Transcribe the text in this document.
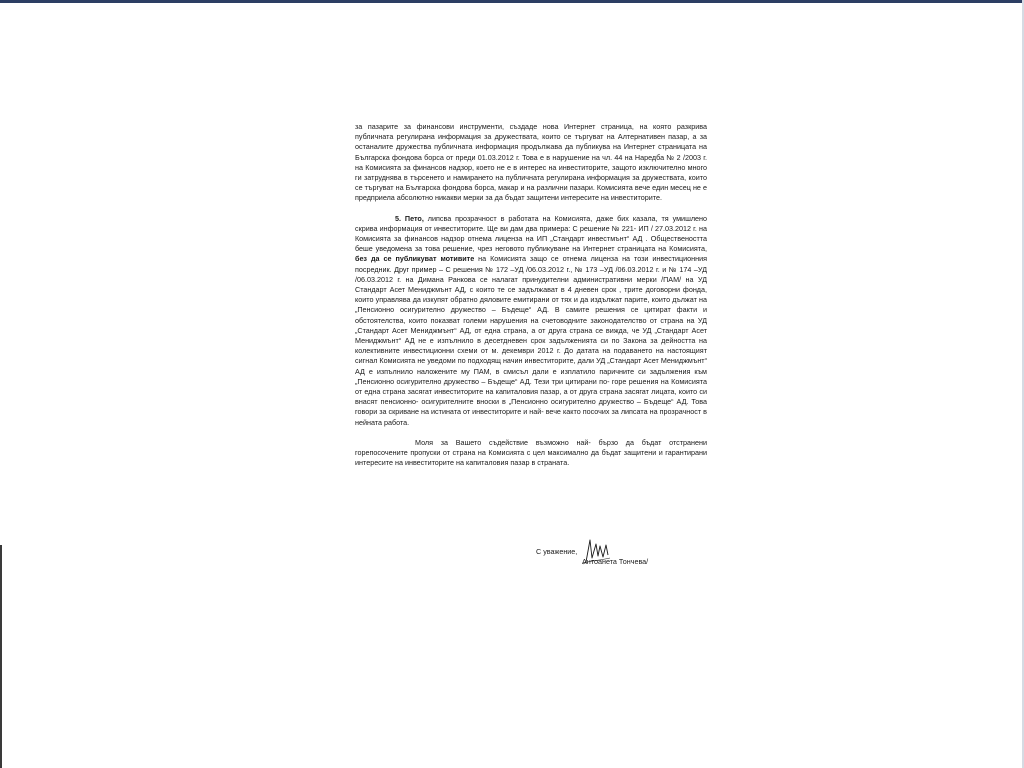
за пазарите за финансови инструменти, създаде нова Интернет страница, на която разкрива публичната регулирана информация за дружествата, които се търгуват на Алтернативен пазар, а за останалите дружества публичната информация продължава да публикува на Интернет страницата на Българска фондова борса от преди 01.03.2012 г. Това е в нарушение на чл. 44 на Наредба № 2 /2003 г. на Комисията за финансов надзор, което не е в интерес на инвеститорите, защото изключително много ги затруднява в търсенето и намирането на публичната регулирана информация за дружествата, които се търгуват на Българска фондова борса, макар и на различни пазари. Комисията вече един месец не е предприела абсолютно никакви мерки за да бъдат защитени интересите на инвеститорите.

5. Пето, липсва прозрачност в работата на Комисията, даже бих казала, тя умишлено скрива информация от инвеститорите. Ще ви дам два примера: С решение № 221- ИП / 27.03.2012 г. на Комисията за финансов надзор отнема лиценза на ИП „Стандарт инвестмънт“ АД . Обществеността беше уведомена за това решение, чрез неговото публикуване на Интернет страницата на Комисията, без да се публикуват мотивите на Комисията защо се отнема лиценза на този инвестиционния посредник. Друг пример – С решения № 172 –УД /06.03.2012 г., № 173 –УД /06.03.2012 г. и № 174 –УД /06.03.2012 г. на Димана Ранкова се налагат принудителни административни мерки /ПАМ/ на УД Стандарт Асет Мениджмънт АД, с които те се задължават в 4 дневен срок , трите договорни фонда, които управлява да изкупят обратно дяловите емитирани от тях и да издължат парите, които дължат на „Пенсионно осигурително дружество – Бъдеще“ АД. В самите решения се цитират факти и обстоятелства, които показват големи нарушения на счетоводните законодателство от страна на УД „Стандарт Асет Мениджмънт“ АД, от една страна, а от друга страна се вижда, че УД „Стандарт Асет Мениджмънт“ АД не е изпълнило в десетдневен срок задълженията си по Закона за дейността на колективните инвестиционни схеми от м. декември 2012 г. До датата на подаването на настоящият сигнал Комисията не уведоми по подходящ начин инвеститорите, дали УД „Стандарт Асет Мениджмънт“ АД е изпълнило наложените му ПАМ, в смисъл дали е изплатило паричните си задължения към „Пенсионно осигурително дружество – Бъдеще“ АД. Тези три цитирани по- горе решения на Комисията от една страна засягат инвеститорите на капиталовия пазар, а от друга страна засягат лицата, които си внасят пенсионно- осигурителните вноски в „Пенсионно осигурително дружество – Бъдеще“ АД. Това говори за скриване на истината от инвеститорите и най- вече както посочих за липсата на прозрачност в нейната работа.

Моля за Вашето съдействие възможно най- бързо да бъдат отстранени горепосочените пропуски от страна на Комисията с цел максимално да бъдат защитени и гарантирани интересите на инвеститорите на капиталовия пазар в страната.

С уважение,
Антоанета Тончева/
